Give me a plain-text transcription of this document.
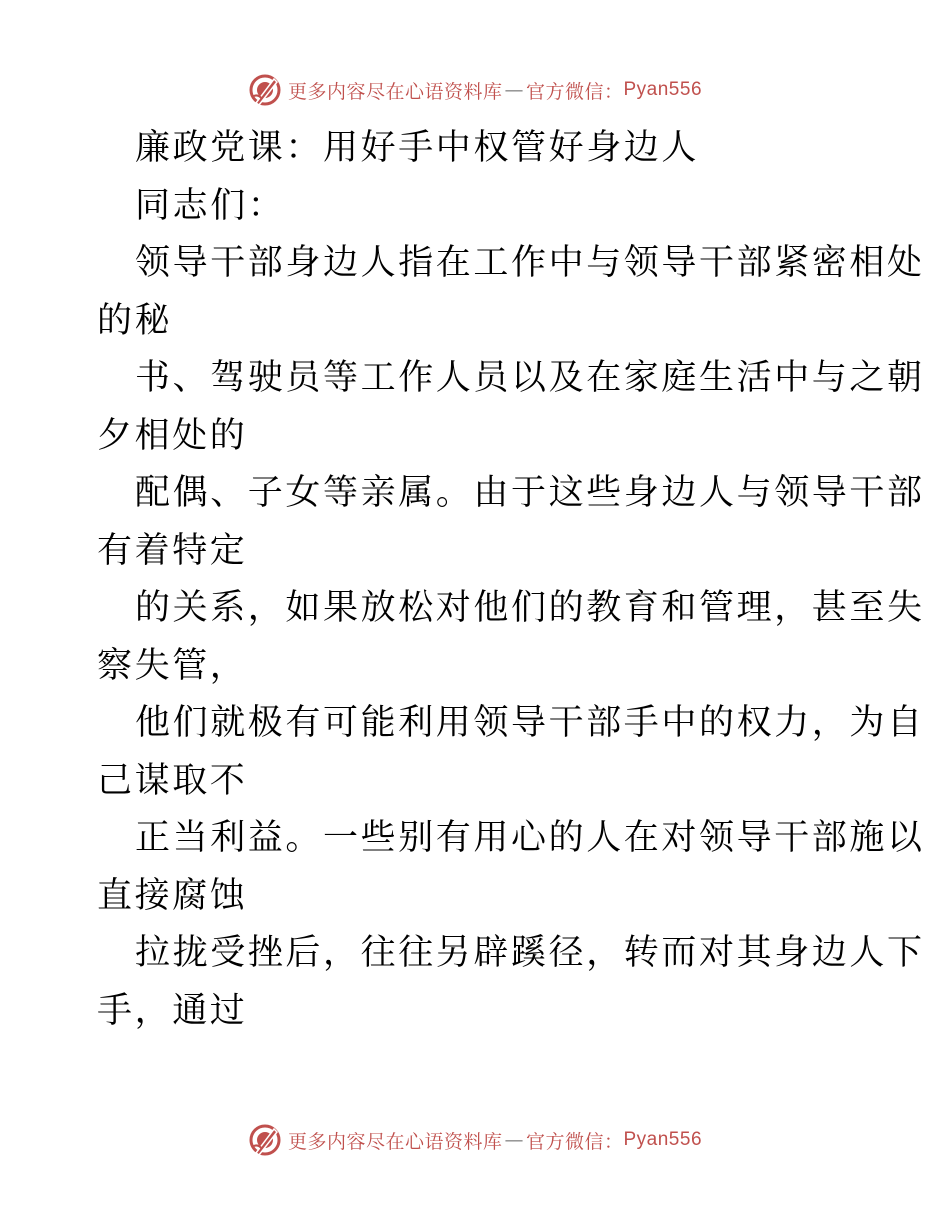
更多内容尽在心语资料库 — 官方微信： Pyan556
廉政党课：用好手中权管好身边人
同志们：
领导干部身边人指在工作中与领导干部紧密相处
的秘
书、驾驶员等工作人员以及在家庭生活中与之朝
夕相处的
配偶、子女等亲属。由于这些身边人与领导干部
有着特定
的关系，如果放松对他们的教育和管理，甚至失
察失管，
他们就极有可能利用领导干部手中的权力，为自
己谋取不
正当利益。一些别有用心的人在对领导干部施以
直接腐蚀
拉拢受挫后，往往另辟蹊径，转而对其身边人下
手，通过
更多内容尽在心语资料库 — 官方微信： Pyan556
